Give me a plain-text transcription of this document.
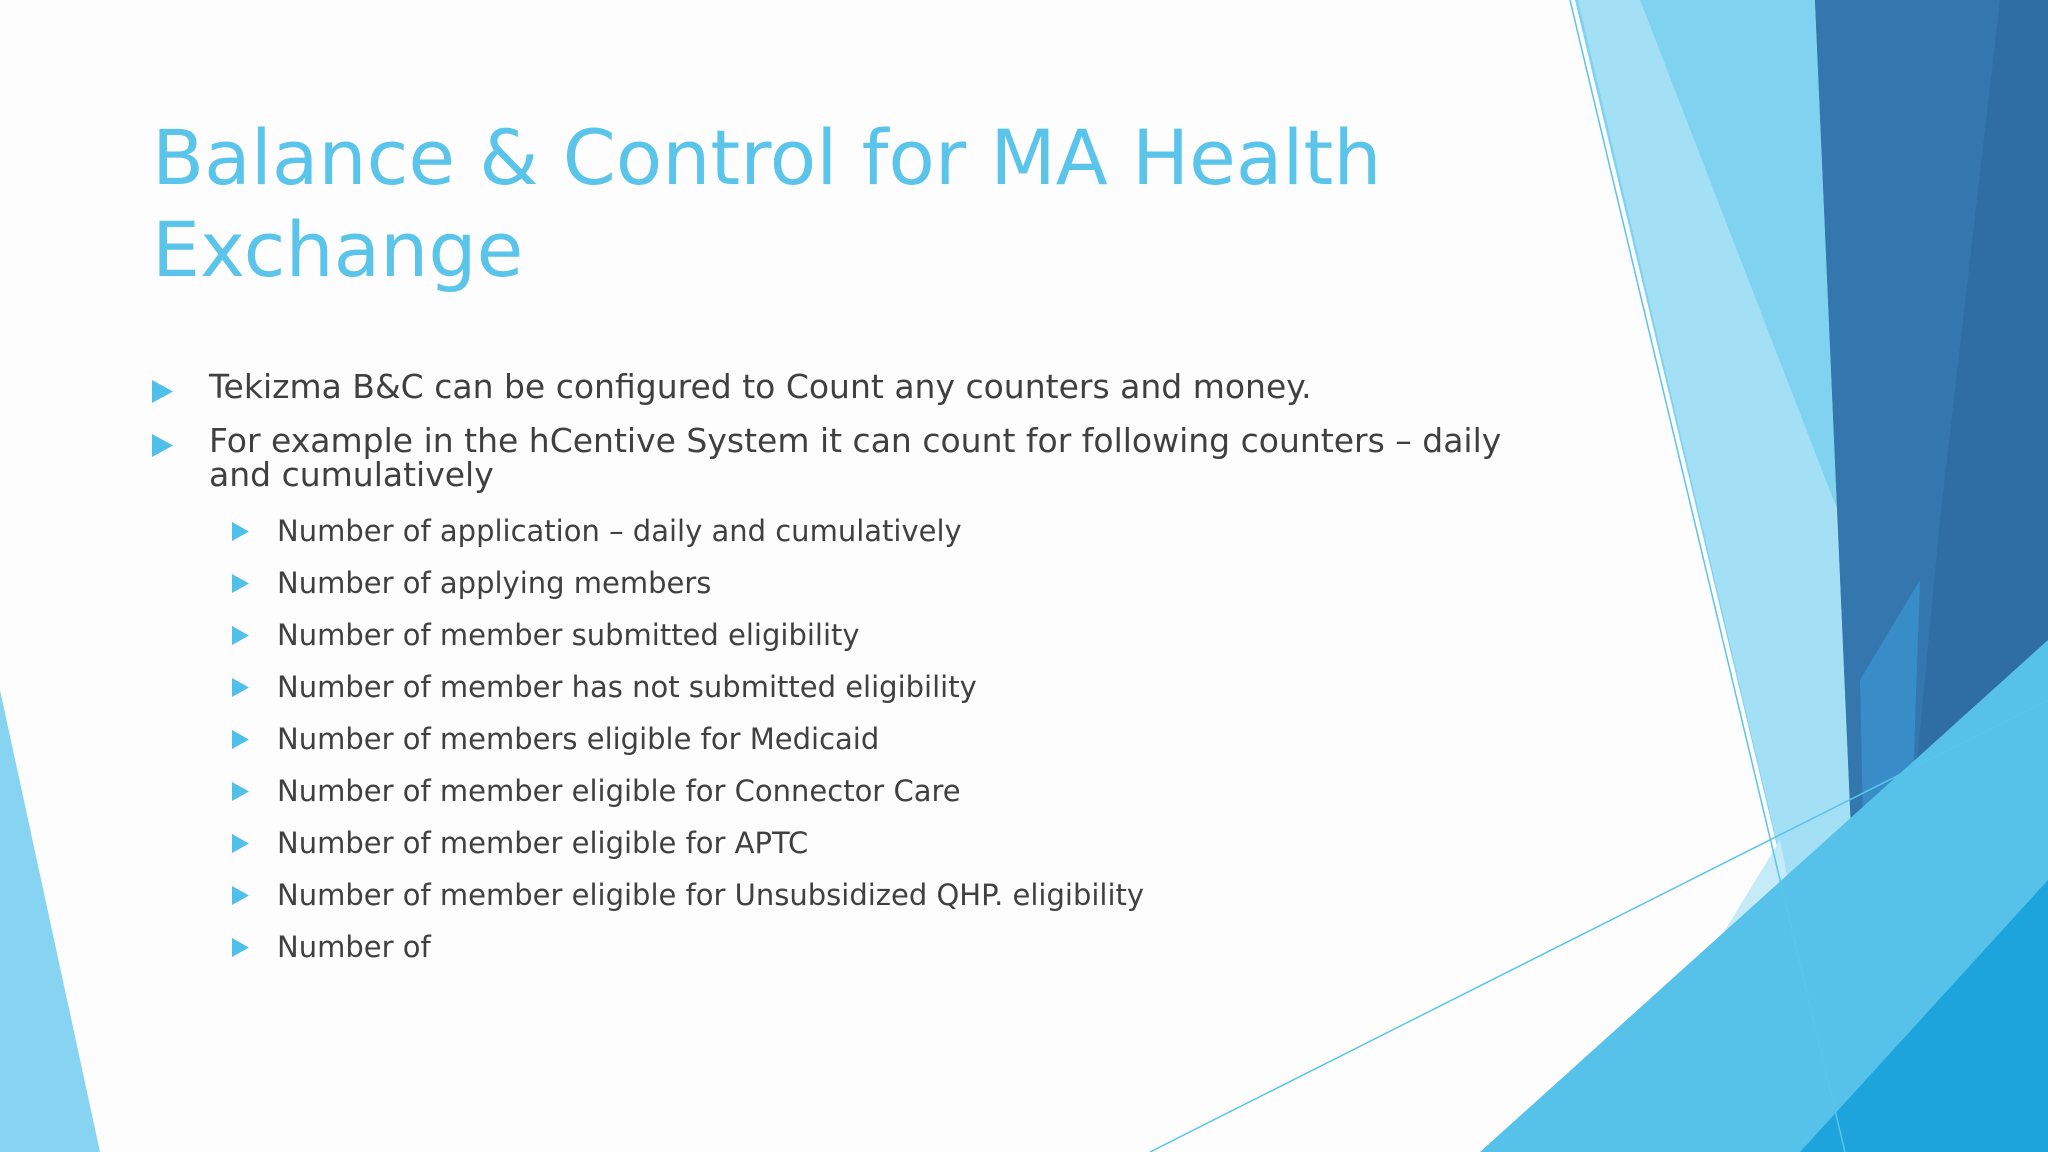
Balance & Control for MA Health Exchange
Tekizma B&C can be configured to Count any counters and money.
For example in the hCentive System it can count for following counters – daily and cumulatively
Number of application – daily and cumulatively
Number of applying members
Number of member submitted eligibility
Number of member has not submitted eligibility
Number of members eligible for Medicaid
Number of member eligible for Connector Care
Number of member eligible for APTC
Number of member eligible for Unsubsidized QHP. eligibility
Number of
